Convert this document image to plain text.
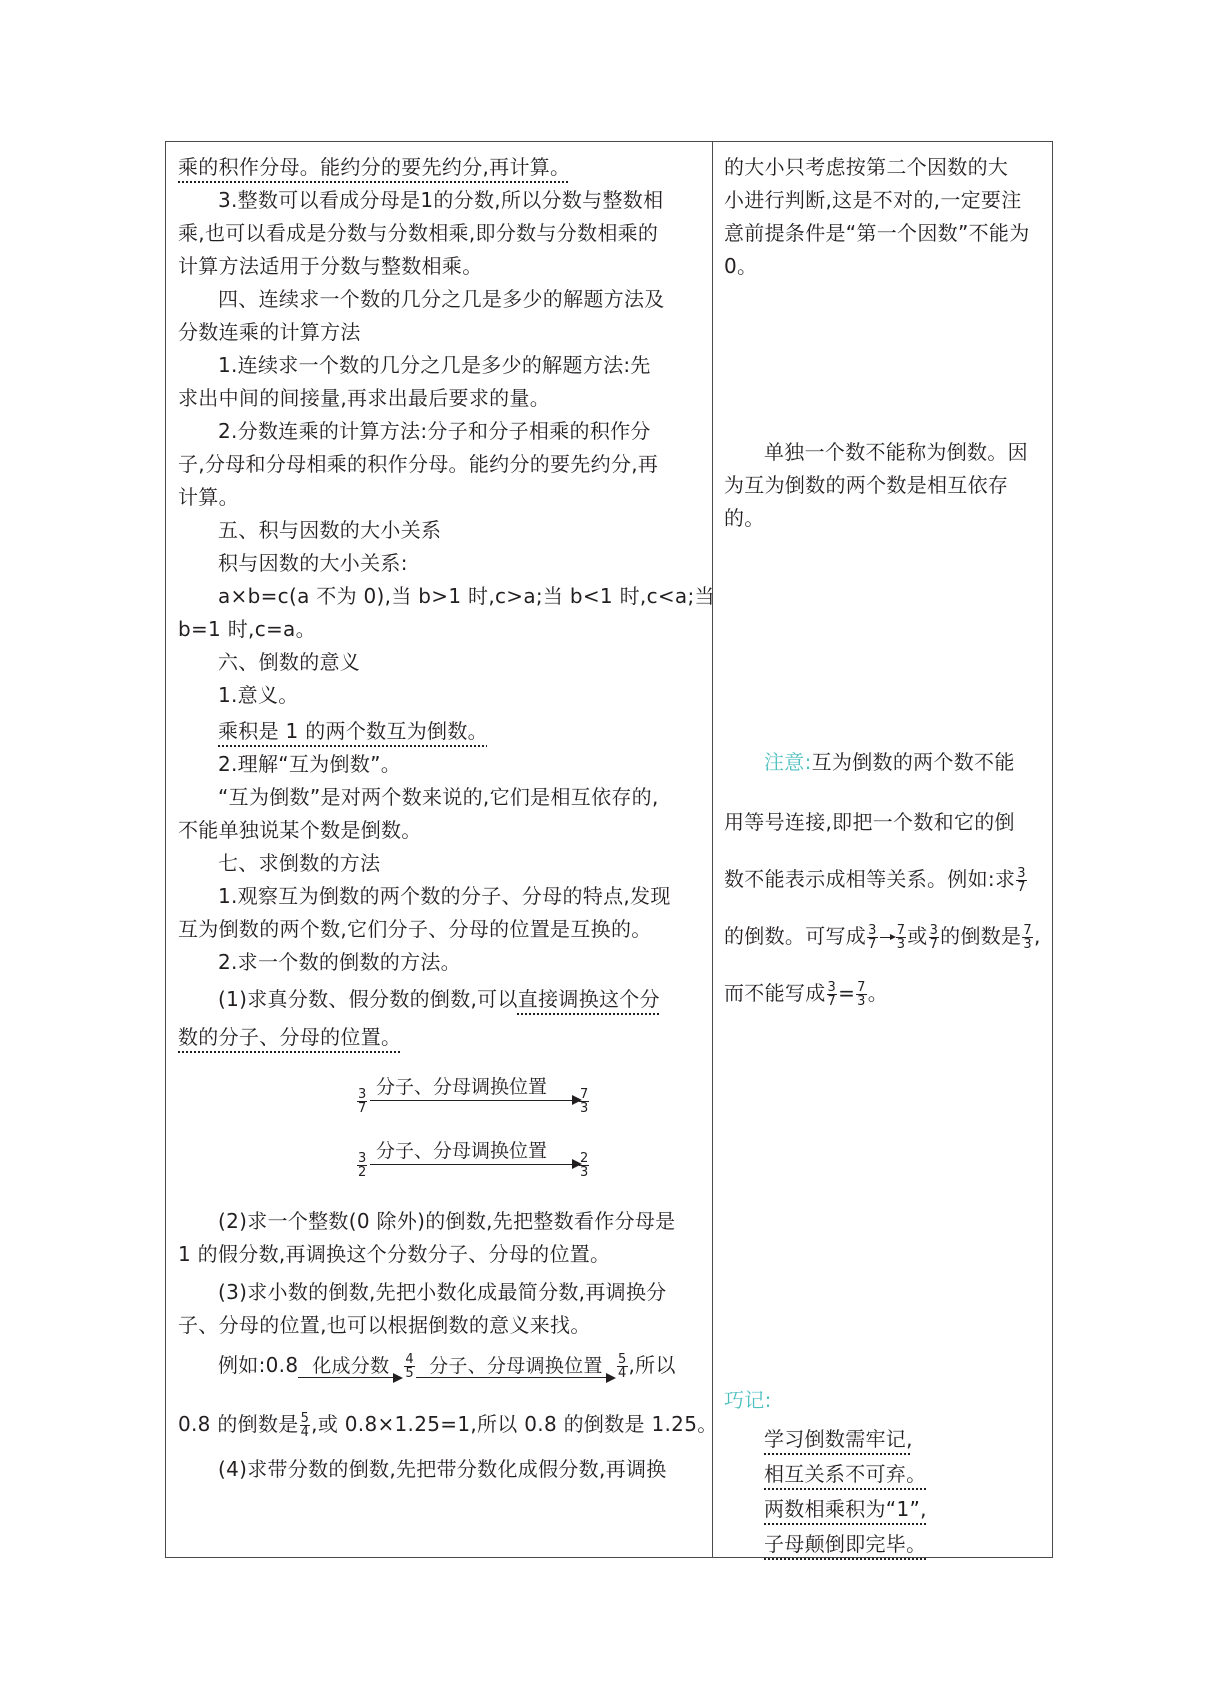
乘的积作分母。能约分的要先约分,再计算。
3.整数可以看成分母是1的分数,所以分数与整数相
乘,也可以看成是分数与分数相乘,即分数与分数相乘的
计算方法适用于分数与整数相乘。
四、连续求一个数的几分之几是多少的解题方法及
分数连乘的计算方法
1.连续求一个数的几分之几是多少的解题方法:先
求出中间的间接量,再求出最后要求的量。
2.分数连乘的计算方法:分子和分子相乘的积作分
子,分母和分母相乘的积作分母。能约分的要先约分,再
计算。
五、积与因数的大小关系
积与因数的大小关系:
a×b=c(a 不为 0),当 b>1 时,c>a;当 b<1 时,c<a;当
b=1 时,c=a。
六、倒数的意义
1.意义。
乘积是 1 的两个数互为倒数。
2.理解“互为倒数”。
“互为倒数”是对两个数来说的,它们是相互依存的,
不能单独说某个数是倒数。
七、求倒数的方法
1.观察互为倒数的两个数的分子、分母的特点,发现
互为倒数的两个数,它们分子、分母的位置是互换的。
2.求一个数的倒数的方法。
(1)求真分数、假分数的倒数,可以直接调换这个分
数的分子、分母的位置。
$\frac{3}{7}$
分子、分母调换位置
$\frac{7}{3}$
$\frac{3}{2}$
分子、分母调换位置
$\frac{2}{3}$
(2)求一个整数(0 除外)的倒数,先把整数看作分母是
1 的假分数,再调换这个分数分子、分母的位置。
(3)求小数的倒数,先把小数化成最简分数,再调换分
子、分母的位置,也可以根据倒数的意义来找。
例如:0.8 化成分数	$\frac{4}{5}$ 分子、分母调换位置	$\frac{5}{4}$ ,所以
0.8 的倒数是 $\frac{5}{4}$ ,或 0.8×1.25=1,所以 0.8 的倒数是 1.25。
(4)求带分数的倒数,先把带分数化成假分数,再调换
的大小只考虑按第二个因数的大
小进行判断,这是不对的,一定要注
意前提条件是“第一个因数”不能为
0。
单独一个数不能称为倒数。因
为互为倒数的两个数是相互依存
的。
注意:互为倒数的两个数不能
用等号连接,即把一个数和它的倒
数不能表示成相等关系。例如:求 $\frac{3}{7}$
的倒数。可写成 $\frac{3}{7} \frac{7}{3}$ 或 $\frac{3}{7}$ 的倒数是 $\frac{7}{3}$ ,
而不能写成 $\frac{3}{7} = \frac{7}{3}$ 。
巧记:
学习倒数需牢记,
相互关系不可弃。
两数相乘积为“1”,
子母颠倒即完毕。
